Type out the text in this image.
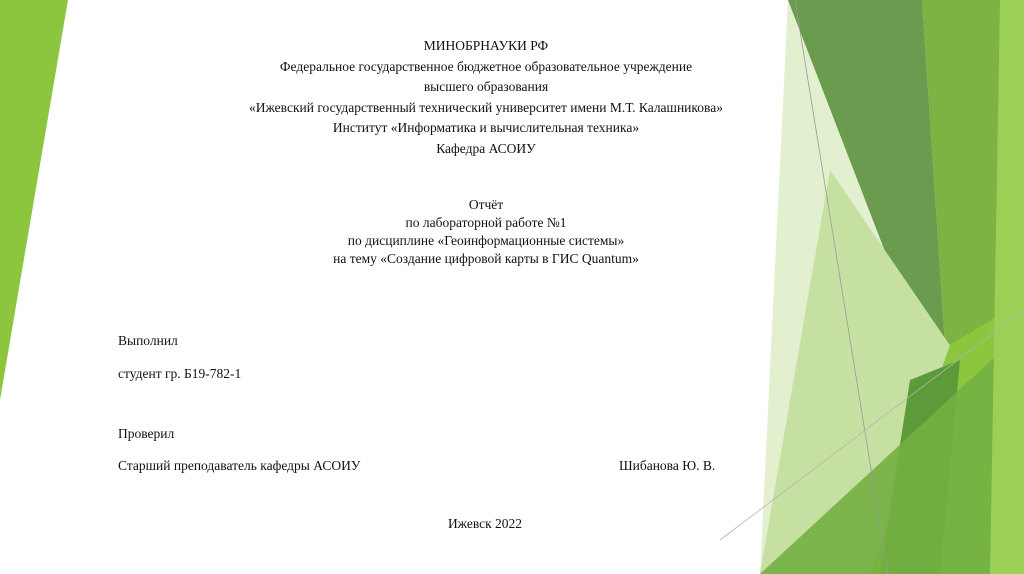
МИНОБРНАУКИ РФ
Федеральное государственное бюджетное образовательное учреждение
высшего образования
«Ижевский государственный технический университет имени М.Т. Калашникова»
Институт «Информатика и вычислительная техника»
Кафедра АСОИУ
Отчёт
по лабораторной работе №1
по дисциплине «Геоинформационные системы»
на тему «Создание цифровой карты в ГИС Quantum»
Выполнил
студент гр. Б19-782-1
Проверил
Старший преподаватель кафедры АСОИУ	Шибанова Ю. В.
Ижевск 2022
